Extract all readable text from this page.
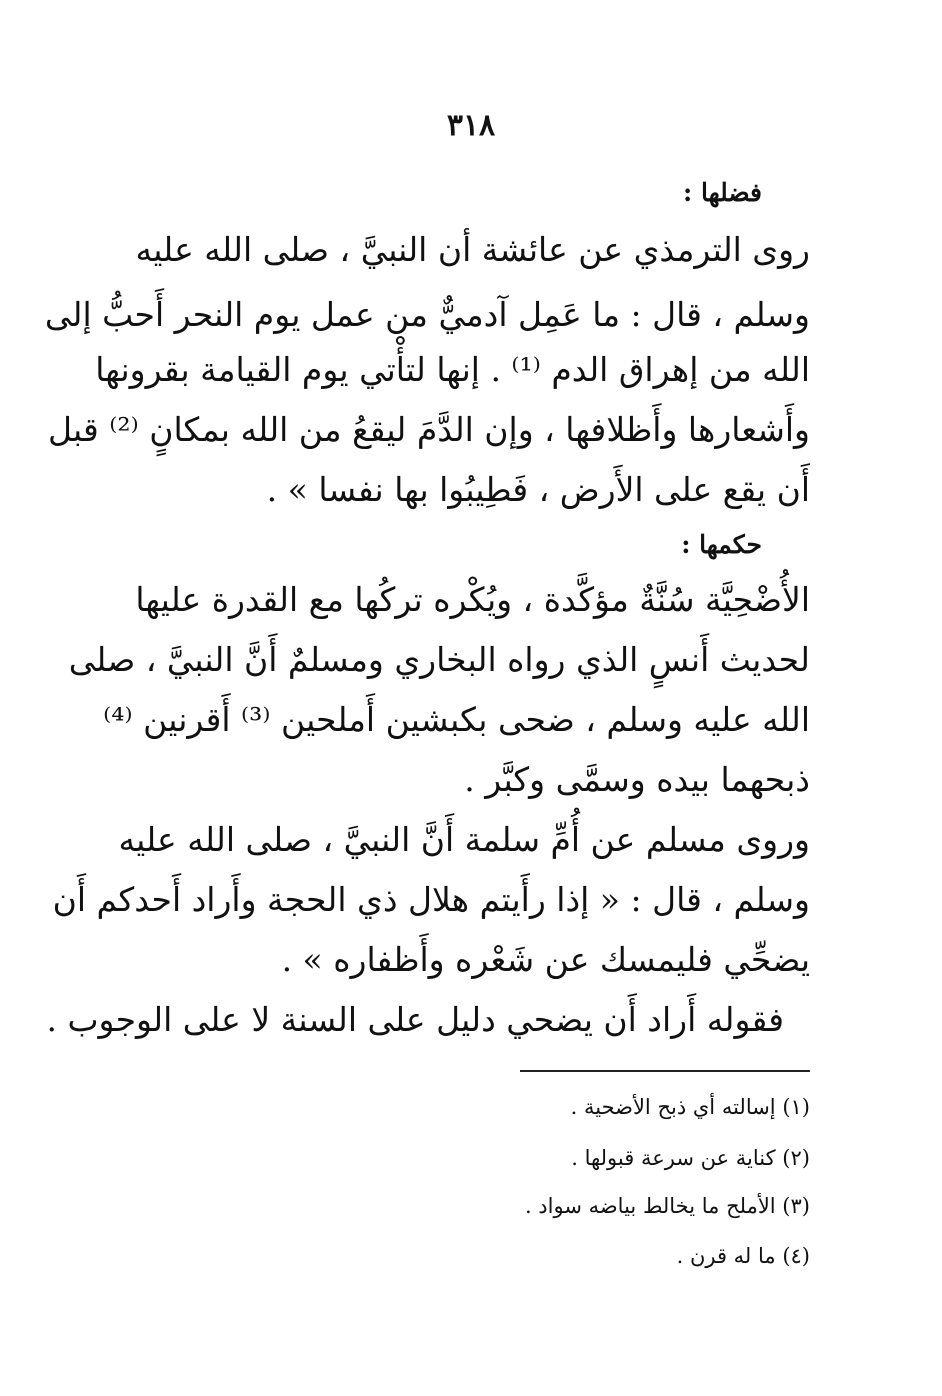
٣١٨
فضلها :
روى الترمذي عن عائشة أن النبيَّ ، صلى الله عليه
وسلم ، قال : ما عَمِل آدميٌّ من عمل يوم النحر أَحبُّ إلى
الله من إهراق الدم ⁽¹⁾ . إنها لتأْتي يوم القيامة بقرونها
وأَشعارها وأَظلافها ، وإن الدَّمَ ليقعُ من الله بمكانٍ ⁽²⁾ قبل
أَن يقع على الأَرض ، فَطِيبُوا بها نفسا » .
حكمها :
الأُضْحِيَّة سُنَّةٌ مؤكَّدة ، ويُكْره تركُها مع القدرة عليها
لحديث أَنسٍ الذي رواه البخاري ومسلمٌ أَنَّ النبيَّ ، صلى
الله عليه وسلم ، ضحى بكبشين أَملحين ⁽³⁾ أَقرنين ⁽⁴⁾
ذبحهما بيده وسمَّى وكبَّر .
وروى مسلم عن أُمِّ سلمة أَنَّ النبيَّ ، صلى الله عليه
وسلم ، قال : « إذا رأَيتم هلال ذي الحجة وأَراد أَحدكم أَن
يضحِّي فليمسك عن شَعْره وأَظفاره » .
فقوله أَراد أَن يضحي دليل على السنة لا على الوجوب .
(١) إسالته أي ذبح الأضحية .
(٢) كناية عن سرعة قبولها .
(٣) الأملح ما يخالط بياضه سواد .
(٤) ما له قرن .
